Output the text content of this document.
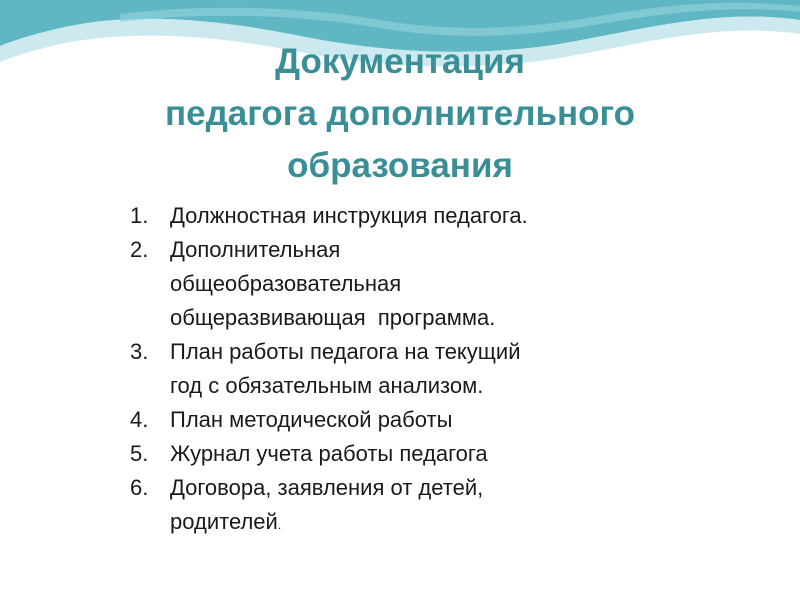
Документация
педагога дополнительного
образования
1. Должностная инструкция педагога.
2. Дополнительная
общеобразовательная
общеразвивающая  программа.
3. План работы педагога на текущий
год с обязательным анализом.
4. План методической работы
5. Журнал учета работы педагога
6. Договора, заявления от детей,
родителей.
